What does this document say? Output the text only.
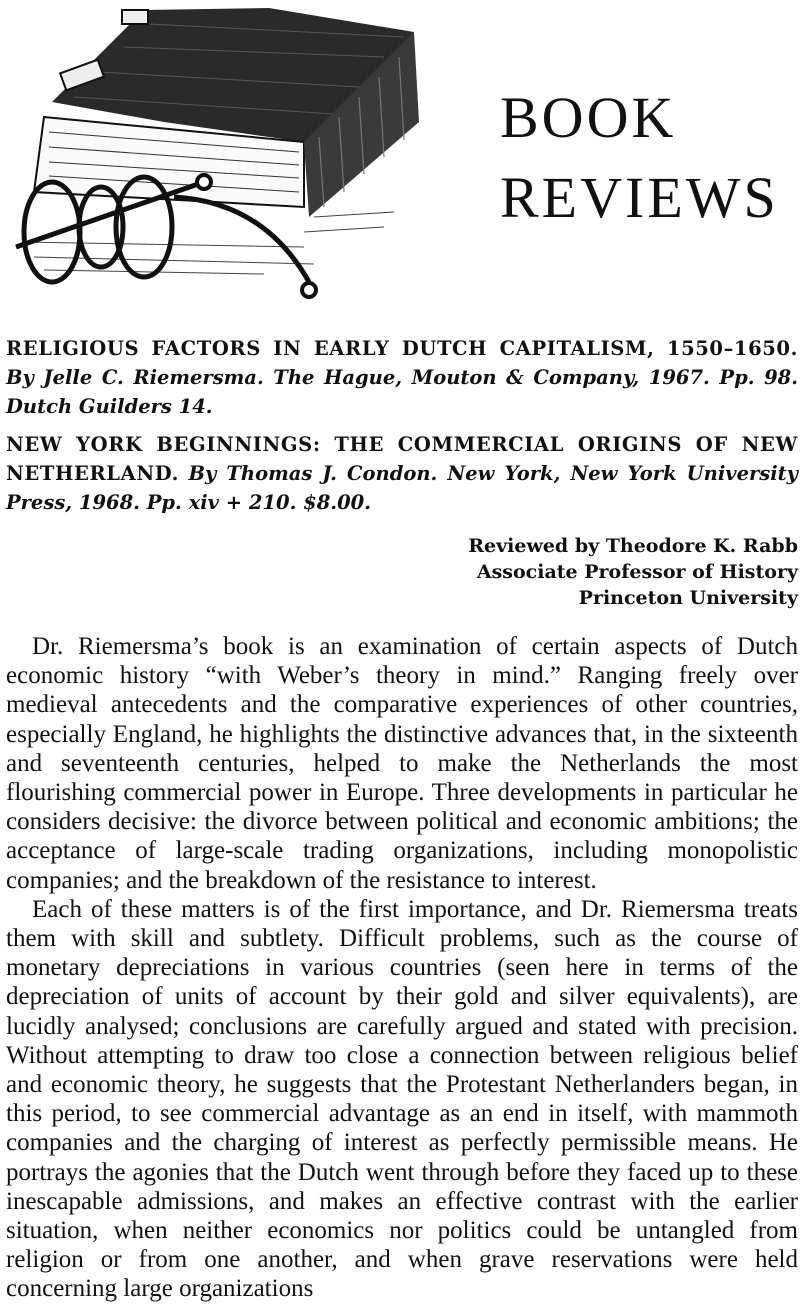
BOOK
REVIEWS
RELIGIOUS FACTORS IN EARLY DUTCH CAPITALISM, 1550–1650. By Jelle C. Riemersma. The Hague, Mouton & Company, 1967. Pp. 98. Dutch Guilders 14.
NEW YORK BEGINNINGS: THE COMMERCIAL ORIGINS OF NEW NETHERLAND. By Thomas J. Condon. New York, New York University Press, 1968. Pp. xiv + 210. $8.00.
Reviewed by Theodore K. Rabb
Associate Professor of History
Princeton University

Dr. Riemersma’s book is an examination of certain aspects of Dutch economic history “with Weber’s theory in mind.” Ranging freely over medieval antecedents and the comparative experiences of other countries, especially England, he highlights the distinctive advances that, in the sixteenth and seventeenth centuries, helped to make the Netherlands the most flourishing commercial power in Europe. Three developments in particular he considers decisive: the divorce between political and economic ambitions; the acceptance of large-scale trading organizations, including monopolistic companies; and the breakdown of the resistance to interest.

Each of these matters is of the first importance, and Dr. Riemersma treats them with skill and subtlety. Difficult problems, such as the course of monetary depreciations in various countries (seen here in terms of the depreciation of units of account by their gold and silver equivalents), are lucidly analysed; conclusions are carefully argued and stated with precision. Without attempting to draw too close a connection between religious belief and economic theory, he suggests that the Protestant Netherlanders began, in this period, to see commercial advantage as an end in itself, with mammoth companies and the charging of interest as perfectly permissible means. He portrays the agonies that the Dutch went through before they faced up to these inescapable admissions, and makes an effective contrast with the earlier situation, when neither economics nor politics could be untangled from religion or from one another, and when grave reservations were held concerning large organizations
